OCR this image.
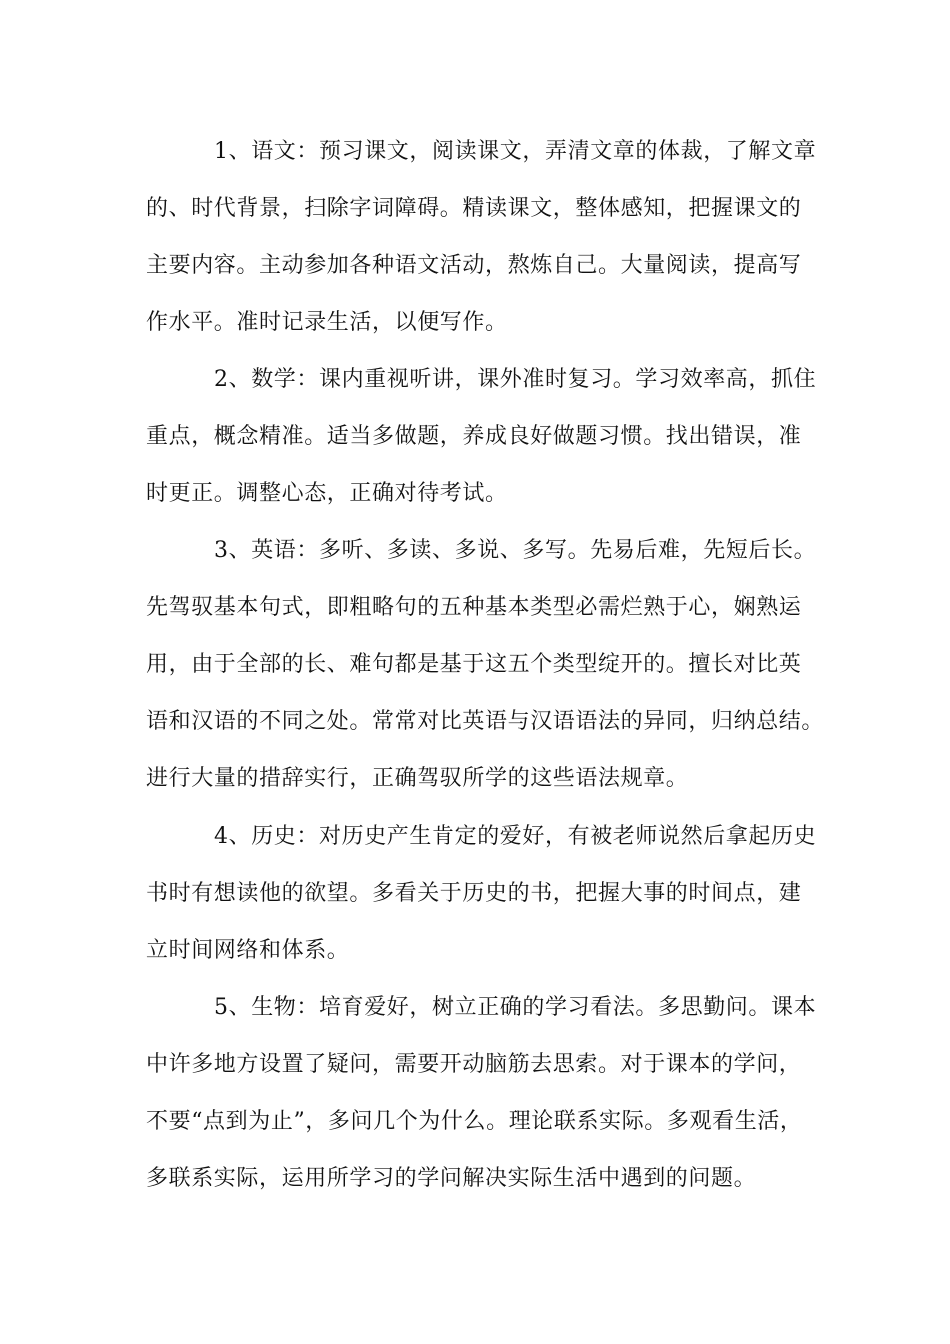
1、语文：预习课文，阅读课文，弄清文章的体裁，了解文章
的、时代背景，扫除字词障碍。精读课文，整体感知，把握课文的
主要内容。主动参加各种语文活动，熬炼自己。大量阅读，提高写
作水平。准时记录生活，以便写作。
2、数学：课内重视听讲，课外准时复习。学习效率高，抓住
重点，概念精准。适当多做题，养成良好做题习惯。找出错误，准
时更正。调整心态，正确对待考试。
3、英语：多听、多读、多说、多写。先易后难，先短后长。
先驾驭基本句式，即粗略句的五种基本类型必需烂熟于心，娴熟运
用，由于全部的长、难句都是基于这五个类型绽开的。擅长对比英
语和汉语的不同之处。常常对比英语与汉语语法的异同，归纳总结。
进行大量的措辞实行，正确驾驭所学的这些语法规章。
4、历史：对历史产生肯定的爱好，有被老师说然后拿起历史
书时有想读他的欲望。多看关于历史的书，把握大事的时间点，建
立时间网络和体系。
5、生物：培育爱好，树立正确的学习看法。多思勤问。课本
中许多地方设置了疑问，需要开动脑筋去思索。对于课本的学问，
不要“点到为止”，多问几个为什么。理论联系实际。多观看生活，
多联系实际，运用所学习的学问解决实际生活中遇到的问题。
